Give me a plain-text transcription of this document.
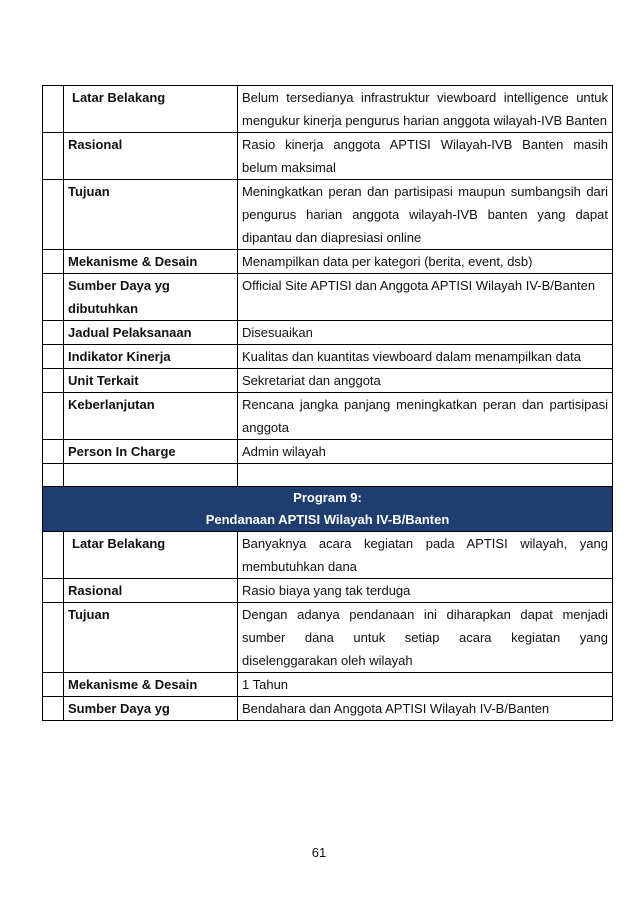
	Latar Belakang	Belum tersedianya infrastruktur viewboard intelligence untuk mengukur kinerja pengurus harian anggota wilayah-IVB Banten
	Rasional	Rasio kinerja anggota APTISI Wilayah-IVB Banten masih belum maksimal
	Tujuan	Meningkatkan peran dan partisipasi maupun sumbangsih dari pengurus harian anggota wilayah-IVB banten yang dapat dipantau dan diapresiasi online
	Mekanisme & Desain	Menampilkan data per kategori (berita, event, dsb)
	Sumber Daya yg dibutuhkan	Official Site APTISI dan Anggota APTISI Wilayah IV-B/Banten
	Jadual Pelaksanaan	Disesuaikan
	Indikator Kinerja	Kualitas dan kuantitas viewboard dalam menampilkan data
	Unit Terkait	Sekretariat dan anggota
	Keberlanjutan	Rencana jangka panjang meningkatkan peran dan partisipasi anggota
	Person In Charge	Admin wilayah

Program 9:
Pendanaan APTISI Wilayah IV-B/Banten		

	Latar Belakang	Banyaknya acara kegiatan pada APTISI wilayah, yang membutuhkan dana
	Rasional	Rasio biaya yang tak terduga
	Tujuan	Dengan adanya pendanaan ini diharapkan dapat menjadi sumber dana untuk setiap acara kegiatan yang diselenggarakan oleh wilayah
	Mekanisme & Desain	1 Tahun
	Sumber Daya yg	Bendahara dan Anggota APTISI Wilayah IV-B/Banten
61
